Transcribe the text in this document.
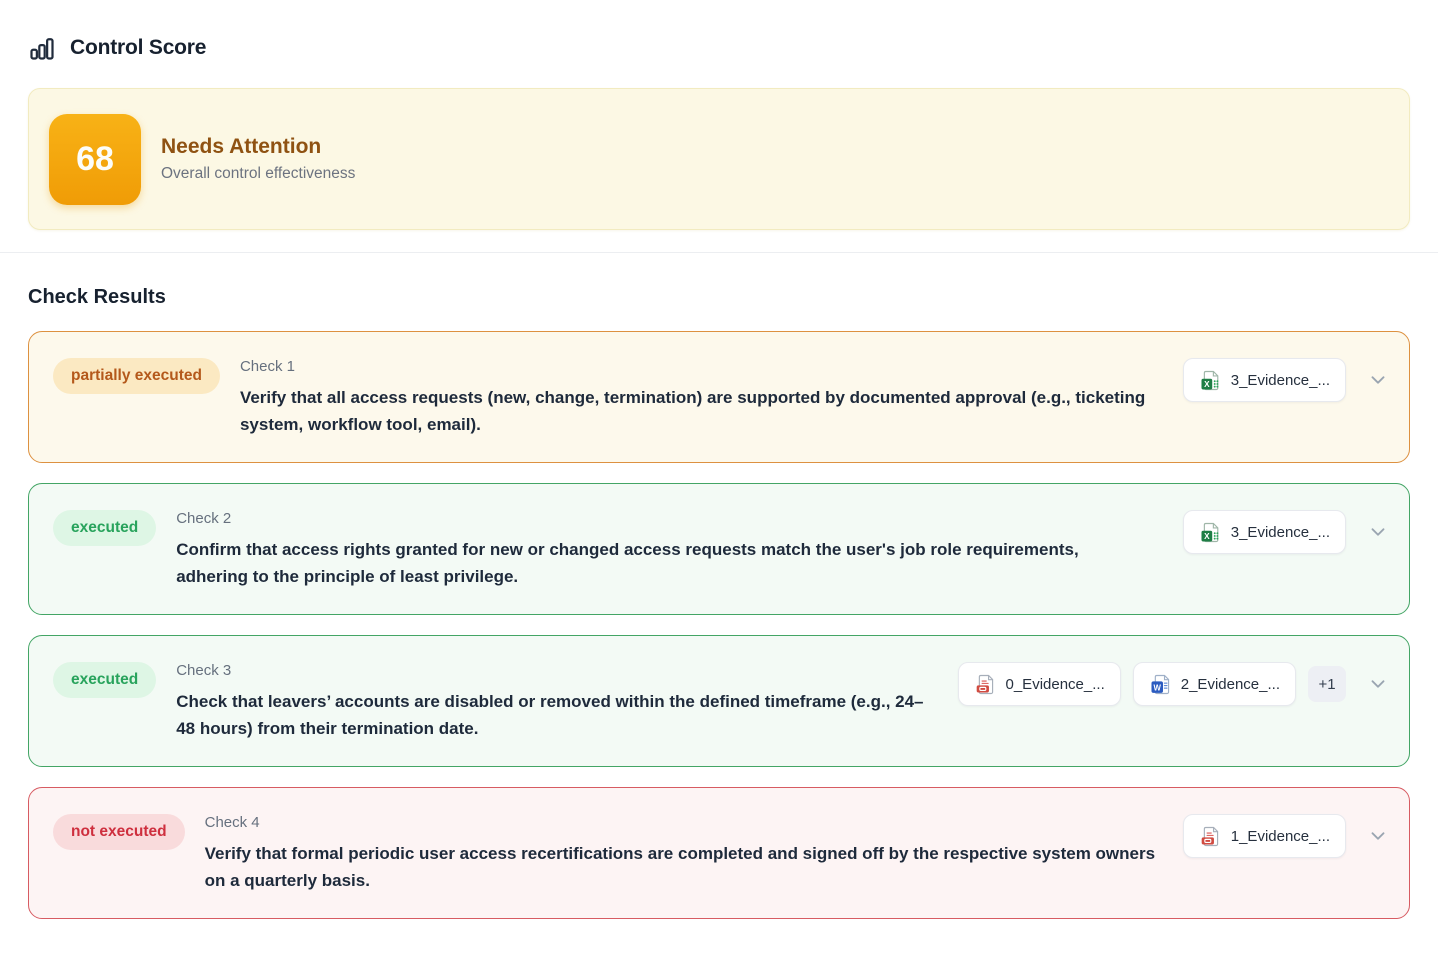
Control Score
68	Needs Attention
Overall control effectiveness
Check Results
partially executed
Check 1
Verify that all access requests (new, change, termination) are supported by documented approval (e.g., ticketing system, workflow tool, email).
X 3_Evidence_...
executed
Check 2
Confirm that access rights granted for new or changed access requests match the user's job role requirements, adhering to the principle of least privilege.
X 3_Evidence_...
executed
Check 3
Check that leavers’ accounts are disabled or removed within the defined timeframe (e.g., 24–48 hours) from their termination date.
0_Evidence_...	W 2_Evidence_...	+1
not executed
Check 4
Verify that formal periodic user access recertifications are completed and signed off by the respective system owners on a quarterly basis.
1_Evidence_...
